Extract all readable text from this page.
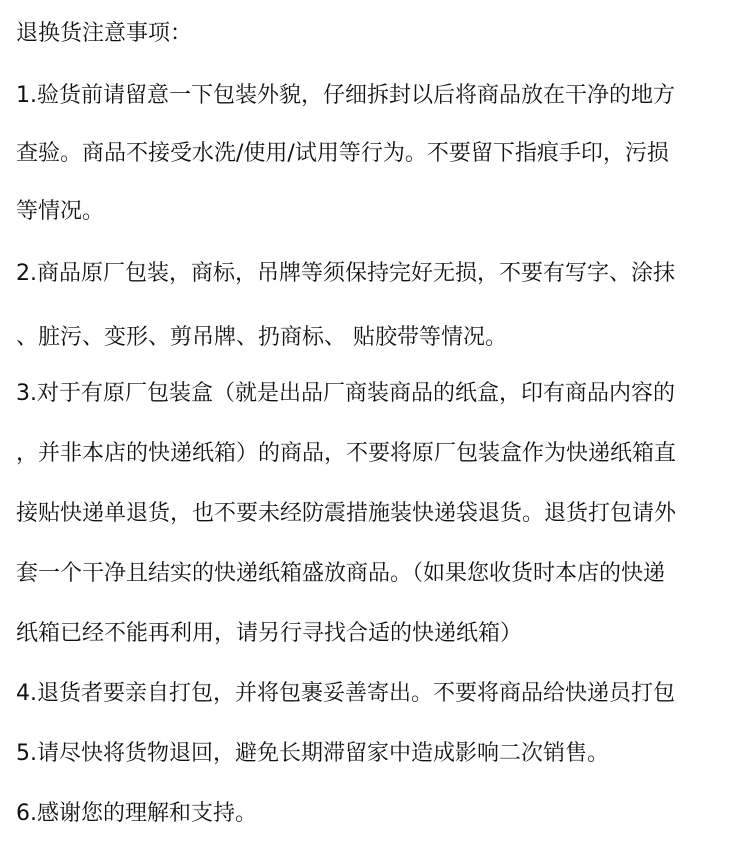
退换货注意事项：
1.验货前请留意一下包装外貌，仔细拆封以后将商品放在干净的地方
查验。商品不接受水洗/使用/试用等行为。不要留下指痕手印，污损
等情况。
2.商品原厂包装，商标，吊牌等须保持完好无损，不要有写字、涂抹
、脏污、变形、剪吊牌、扔商标、 贴胶带等情况。
3.对于有原厂包装盒（就是出品厂商装商品的纸盒，印有商品内容的
，并非本店的快递纸箱）的商品，不要将原厂包装盒作为快递纸箱直
接贴快递单退货，也不要未经防震措施装快递袋退货。退货打包请外
套一个干净且结实的快递纸箱盛放商品。（如果您收货时本店的快递
纸箱已经不能再利用，请另行寻找合适的快递纸箱）
4.退货者要亲自打包，并将包裹妥善寄出。不要将商品给快递员打包
5.请尽快将货物退回，避免长期滞留家中造成影响二次销售。
6.感谢您的理解和支持。
